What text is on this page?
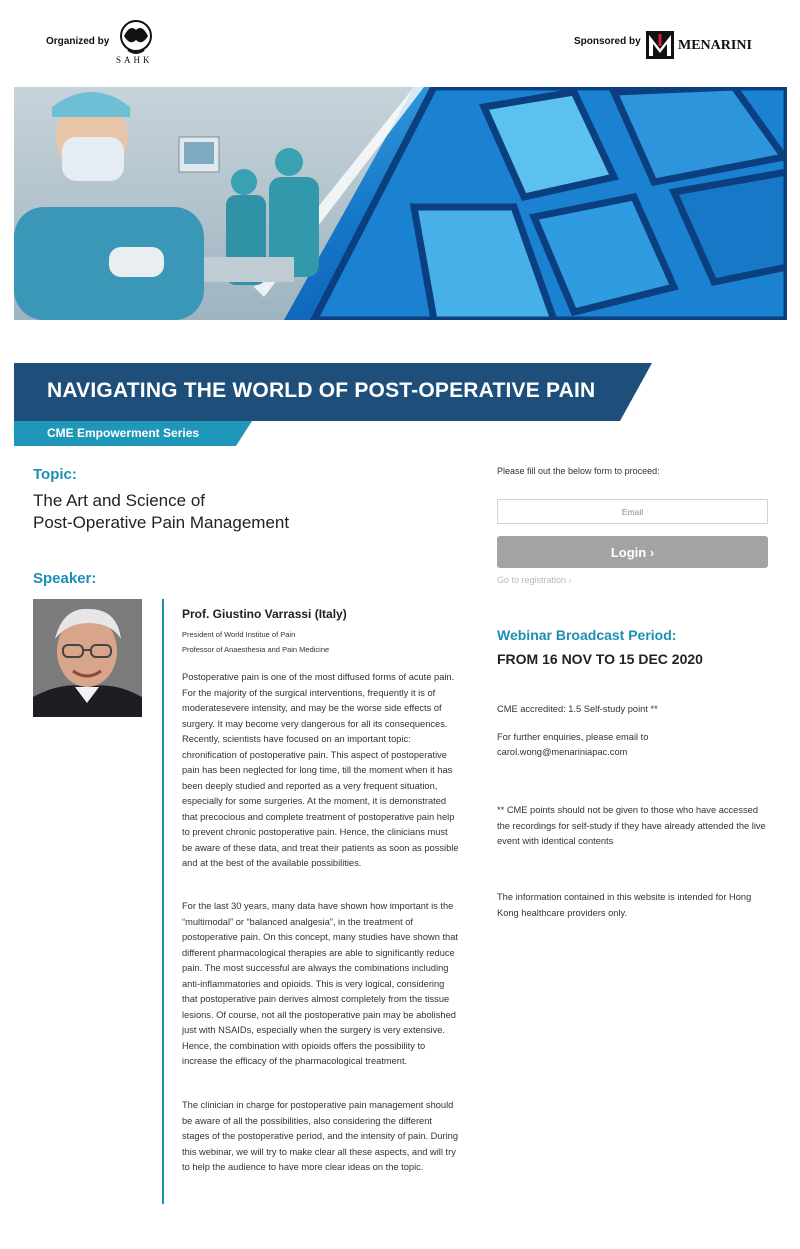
Organized by
SAHK
Sponsored by	MENARINI
NAVIGATING THE WORLD OF POST-OPERATIVE PAIN
CME Empowerment Series
Topic:
The Art and Science of
Post-Operative Pain Management
Speaker:
Prof. Giustino Varrassi (Italy)
President of World Institue of Pain
Professor of Anaesthesia and Pain Medicine
Postoperative pain is one of the most diffused forms of acute pain. For the majority of the surgical interventions, frequently it is of moderatesevere intensity, and may be the worse side effects of surgery. It may become very dangerous for all its consequences. Recently, scientists have focused on an important topic: chronification of postoperative pain. This aspect of postoperative pain has been neglected for long time, till the moment when it has been deeply studied and reported as a very frequent situation, especially for some surgeries. At the moment, it is demonstrated that precocious and complete treatment of postoperative pain help to prevent chronic postoperative pain. Hence, the clinicians must be aware of these data, and treat their patients as soon as possible and at the best of the available possibilities.
For the last 30 years, many data have shown how important is the “multimodal” or “balanced analgesia”, in the treatment of postoperative pain. On this concept, many studies have shown that different pharmacological therapies are able to significantly reduce pain. The most successful are always the combinations including anti-inflammatories and opioids. This is very logical, considering that postoperative pain derives almost completely from the tissue lesions. Of course, not all the postoperative pain may be abolished just with NSAIDs, especially when the surgery is very extensive. Hence, the combination with opioids offers the possibility to increase the efficacy of the pharmacological treatment.
The clinician in charge for postoperative pain management should be aware of all the possibilities, also considering the different stages of the postoperative period, and the intensity of pain. During this webinar, we will try to make clear all these aspects, and will try to help the audience to have more clear ideas on the topic.
Please fill out the below form to proceed:
Email
Login ›
Go to registration ›
Webinar Broadcast Period:
FROM 16 NOV TO 15 DEC 2020
CME accredited: 1.5 Self-study point **
For further enquiries, please email to
carol.wong@menariniapac.com
** CME points should not be given to those who have accessed the recordings for self-study if they have already attended the live event with identical contents
The information contained in this website is intended for Hong Kong healthcare providers only.
